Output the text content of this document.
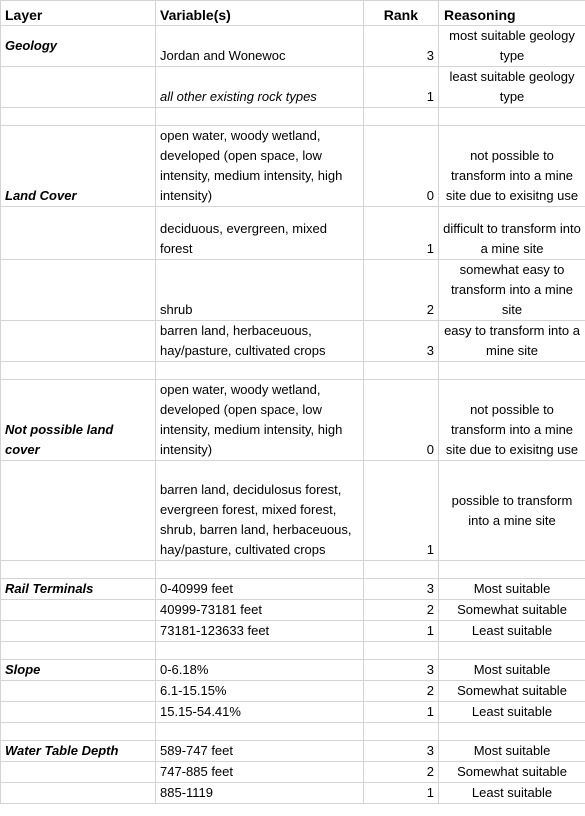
Layer	Variable(s)	Rank	Reasoning
Geology	Jordan and Wonewoc	3	most suitable geology type
	all other existing rock types	1	least suitable geology type

Land Cover	open water, woody wetland, developed (open space, low intensity, medium intensity, high intensity)	0	not possible to transform into a mine site due to exisitng use
	deciduous, evergreen, mixed forest	1	difficult to transform into a mine site
	shrub	2	somewhat easy to transform into a mine site
	barren land, herbaceuous, hay/pasture, cultivated crops	3	easy to transform into a mine site

Not possible land cover	open water, woody wetland, developed (open space, low intensity, medium intensity, high intensity)	0	not possible to transform into a mine site due to exisitng use
	barren land, decidulosus forest, evergreen forest, mixed forest, shrub, barren land, herbaceuous, hay/pasture, cultivated crops	1	possible to transform into a mine site

Rail Terminals	0-40999 feet	3	Most suitable
	40999-73181 feet	2	Somewhat suitable
	73181-123633 feet	1	Least suitable

Slope	0-6.18%	3	Most suitable
	6.1-15.15%	2	Somewhat suitable
	15.15-54.41%	1	Least suitable

Water Table Depth	589-747 feet	3	Most suitable
	747-885 feet	2	Somewhat suitable
	885-1119	1	Least suitable
